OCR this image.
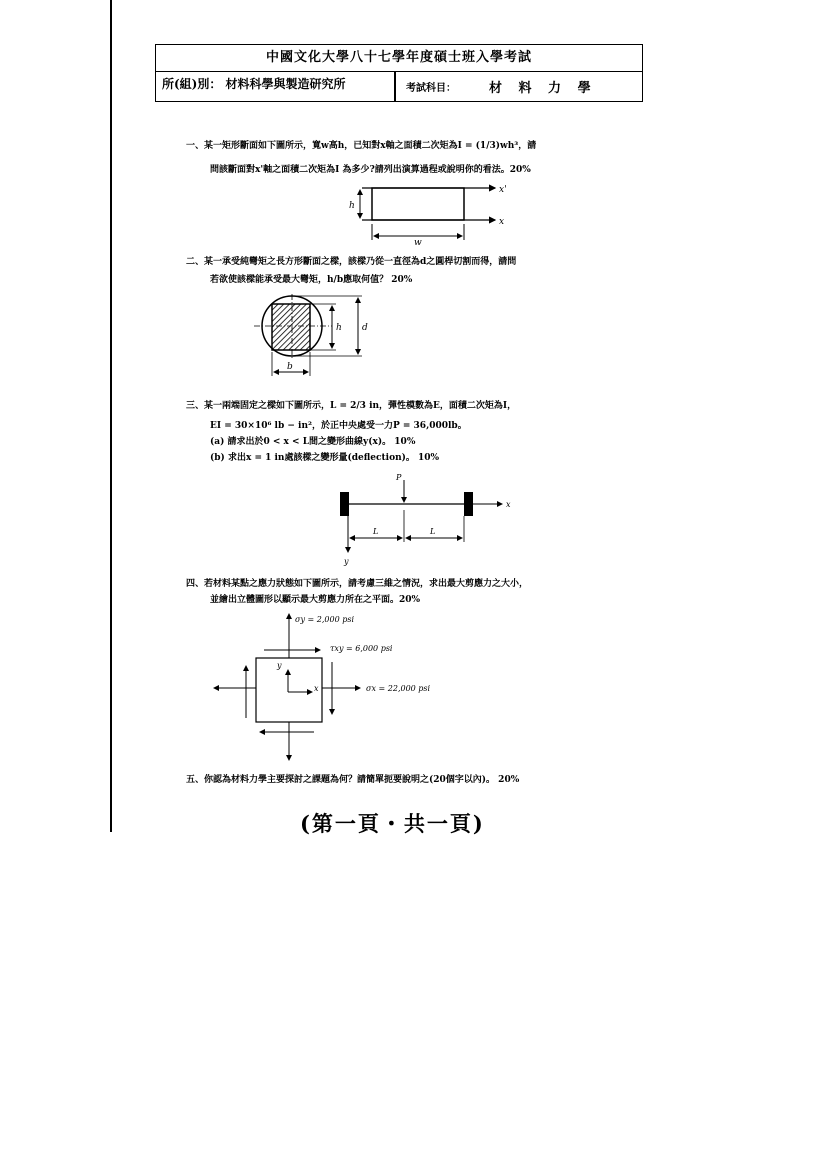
中國文化大學八十七學年度碩士班入學考試
所(組)別： 材料科學與製造研究所	考試科目：	材 料 力 學
一、某一矩形斷面如下圖所示，寬w高h，已知對x軸之面積二次矩為I = (1/3)wh³，請
問該斷面對x'軸之面積二次矩為I 為多少?請列出演算過程或說明你的看法。20%
h
w
x'
x
二、某一承受純彎矩之長方形斷面之樑，該樑乃從一直徑為d之圓桿切割而得，請問
若欲使該樑能承受最大彎矩，h/b應取何值？ 20%
h d
b
三、某一兩端固定之樑如下圖所示，L = 2/3 in，彈性模數為E，面積二次矩為I，
EI = 30×10⁶ lb − in²，於正中央處受一力P = 36,000lb。
(a) 請求出於0 < x < L間之變形曲線y(x)。 10%
(b) 求出x = 1 in處該樑之變形量(deflection)。 10%
P
x
y
L	L
四、若材料某點之應力狀態如下圖所示，請考慮三維之情況，求出最大剪應力之大小，
並繪出立體圖形以顯示最大剪應力所在之平面。20%
σy = 2,000 psi
τxy = 6,000 psi
σx = 22,000 psi
x
y
五、你認為材料力學主要探討之課題為何？請簡單扼要說明之(20個字以內)。 20%
(第一頁・共一頁)
